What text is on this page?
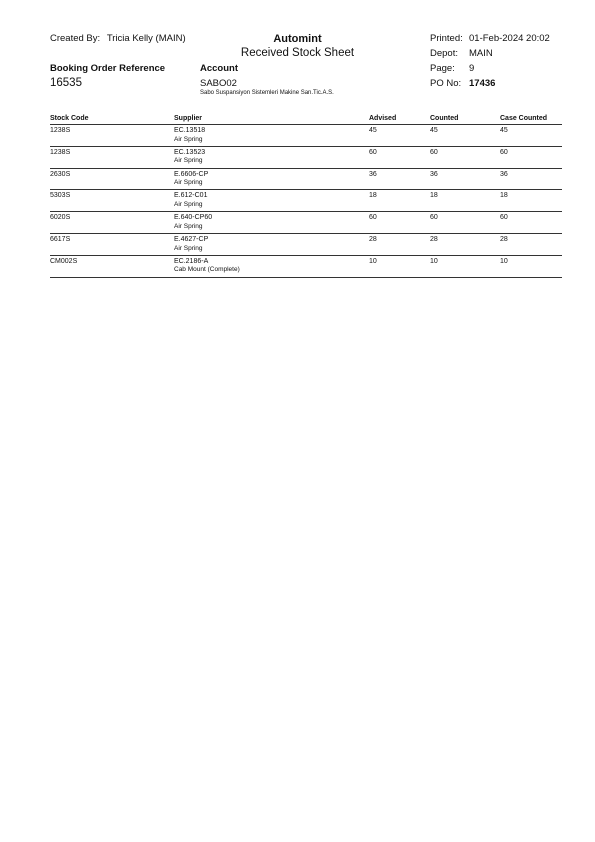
Created By: Tricia Kelly (MAIN)	Automint
Received Stock Sheet
Printed: 01-Feb-2024 20:02
Depot: MAIN
Page: 9
PO No: 17436
Booking Order Reference
16535
Account
SABO02
Sabo Suspansiyon Sistemleri Makine San.Tic.A.S.
Stock Code	Supplier	Advised	Counted	Case Counted
1238S	EC.13518	45	45	45
Air Spring
1238S	EC.13523	60	60	60
Air Spring
2630S	E.6606-CP	36	36	36
Air Spring
5303S	E.612-C01	18	18	18
Air Spring
6020S	E.640-CP60	60	60	60
Air Spring
6617S	E.4627-CP	28	28	28
Air Spring
CM002S	EC.2186-A	10	10	10
Cab Mount (Complete)
